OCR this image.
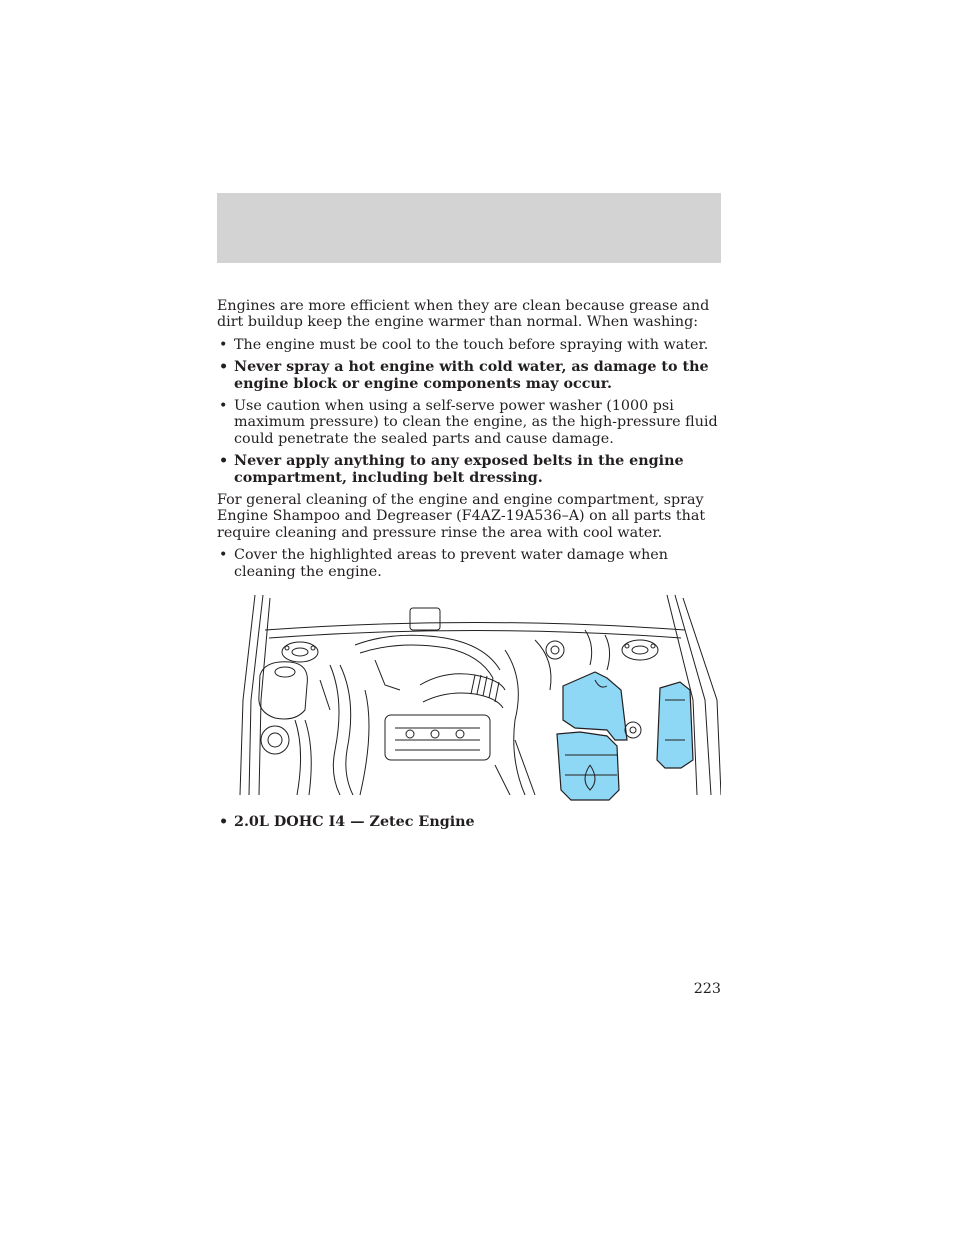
Engines are more efficient when they are clean because grease and dirt buildup keep the engine warmer than normal. When washing:

• The engine must be cool to the touch before spraying with water.
• Never spray a hot engine with cold water, as damage to the engine block or engine components may occur.
• Use caution when using a self-serve power washer (1000 psi maximum pressure) to clean the engine, as the high-pressure fluid could penetrate the sealed parts and cause damage.
• Never apply anything to any exposed belts in the engine compartment, including belt dressing.

For general cleaning of the engine and engine compartment, spray Engine Shampoo and Degreaser (F4AZ-19A536–A) on all parts that require cleaning and pressure rinse the area with cool water.

• Cover the highlighted areas to prevent water damage when cleaning the engine.
• 2.0L DOHC I4 — Zetec Engine
223
